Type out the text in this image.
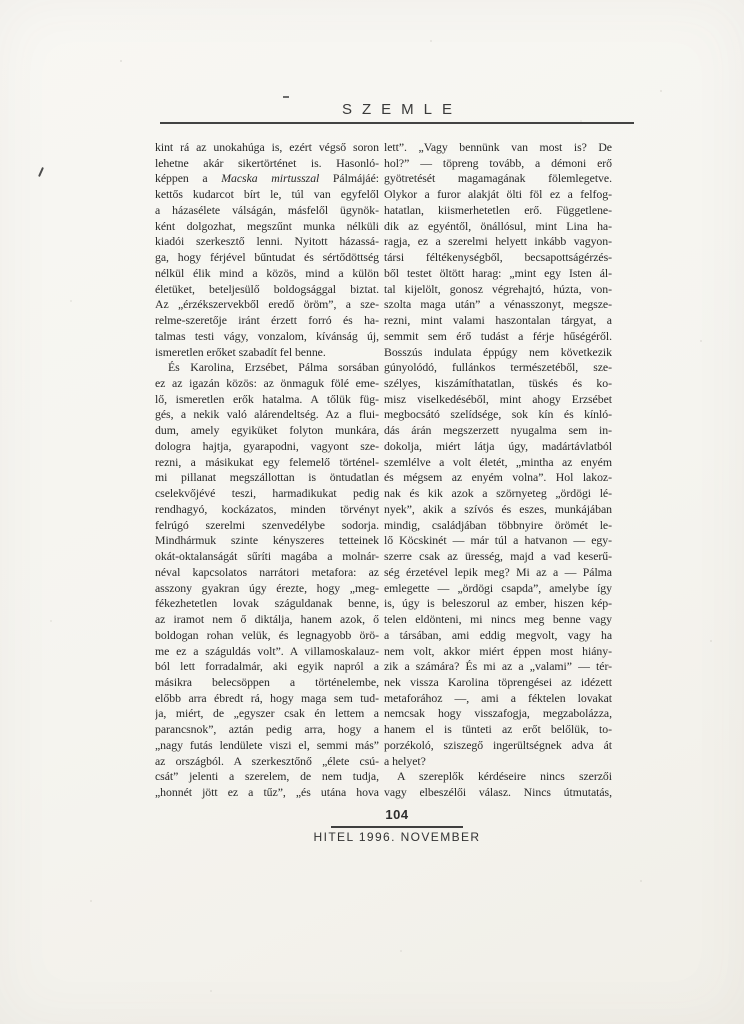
SZEMLE
kint rá az unokahúga is, ezért végső soron
lehetne akár sikertörténet is. Hasonló-
képpen a Macska mirtusszal Pálmájáé:
kettős kudarcot bírt le, túl van egyfelől
a házasélete válságán, másfelől ügynök-
ként dolgozhat, megszűnt munka nélküli
kiadói szerkesztő lenni. Nyitott házassá-
ga, hogy férjével bűntudat és sértődöttség
nélkül élik mind a közös, mind a külön
életüket, beteljesülő boldogsággal biztat.
Az „érzékszervekből eredő öröm”, a sze-
relme-szeretője iránt érzett forró és ha-
talmas testi vágy, vonzalom, kívánság új,
ismeretlen erőket szabadít fel benne.
És Karolina, Erzsébet, Pálma sorsában
ez az igazán közös: az önmaguk fölé eme-
lő, ismeretlen erők hatalma. A tőlük füg-
gés, a nekik való alárendeltség. Az a flui-
dum, amely egyiküket folyton munkára,
dologra hajtja, gyarapodni, vagyont sze-
rezni, a másikukat egy felemelő történel-
mi pillanat megszállottan is öntudatlan
cselekvőjévé teszi, harmadikukat pedig
rendhagyó, kockázatos, minden törvényt
felrúgó szerelmi szenvedélybe sodorja.
Mindhármuk szinte kényszeres tetteinek
okát-oktalanságát sűríti magába a molnár-
néval kapcsolatos narrátori metafora: az
asszony gyakran úgy érezte, hogy „meg-
fékezhetetlen lovak száguldanak benne,
az iramot nem ő diktálja, hanem azok, ő
boldogan rohan velük, és legnagyobb örö-
me ez a száguldás volt”. A villamoskalauz-
ból lett forradalmár, aki egyik napról a
másikra belecsöppen a történelembe,
előbb arra ébredt rá, hogy maga sem tud-
ja, miért, de „egyszer csak én lettem a
parancsnok”, aztán pedig arra, hogy a
„nagy futás lendülete viszi el, semmi más”
az országból. A szerkesztőnő „élete csú-
csát” jelenti a szerelem, de nem tudja,
„honnét jött ez a tűz”, „és utána hova
lett”. „Vagy bennünk van most is? De
hol?” — töpreng tovább, a démoni erő
gyötretését magamagának fölemlegetve.
Olykor a furor alakját ölti föl ez a felfog-
hatatlan, kiismerhetetlen erő. Függetlene-
dik az egyéntől, önállósul, mint Lina ha-
ragja, ez a szerelmi helyett inkább vagyon-
társi féltékenységből, becsapottságérzés-
ből testet öltött harag: „mint egy Isten ál-
tal kijelölt, gonosz végrehajtó, húzta, von-
szolta maga után” a vénasszonyt, megsze-
rezni, mint valami haszontalan tárgyat, a
semmit sem érő tudást a férje hűségéről.
Bosszús indulata éppúgy nem következik
gúnyolódó, fullánkos természetéből, sze-
szélyes, kiszámíthatatlan, tüskés és ko-
misz viselkedéséből, mint ahogy Erzsébet
megbocsátó szelídsége, sok kín és kínló-
dás árán megszerzett nyugalma sem in-
dokolja, miért látja úgy, madártávlatból
szemlélve a volt életét, „mintha az enyém
és mégsem az enyém volna”. Hol lakoz-
nak és kik azok a szörnyeteg „ördögi lé-
nyek”, akik a szívós és eszes, munkájában
mindig, családjában többnyire örömét le-
lő Köcskinét — már túl a hatvanon — egy-
szerre csak az üresség, majd a vad keserű-
ség érzetével lepik meg? Mi az a — Pálma
emlegette — „ördögi csapda”, amelybe így
is, úgy is beleszorul az ember, hiszen kép-
telen eldönteni, mi nincs meg benne vagy
a társában, ami eddig megvolt, vagy ha
nem volt, akkor miért éppen most hiány-
zik a számára? És mi az a „valami” — tér-
nek vissza Karolina töprengései az idézett
metaforához —, ami a féktelen lovakat
nemcsak hogy visszafogja, megzabolázza,
hanem el is tünteti az erőt belőlük, to-
porzékoló, sziszegő ingerültségnek adva át
a helyet?
A szereplők kérdéseire nincs szerzői
vagy elbeszélői válasz. Nincs útmutatás,
104
HITEL 1996. NOVEMBER
